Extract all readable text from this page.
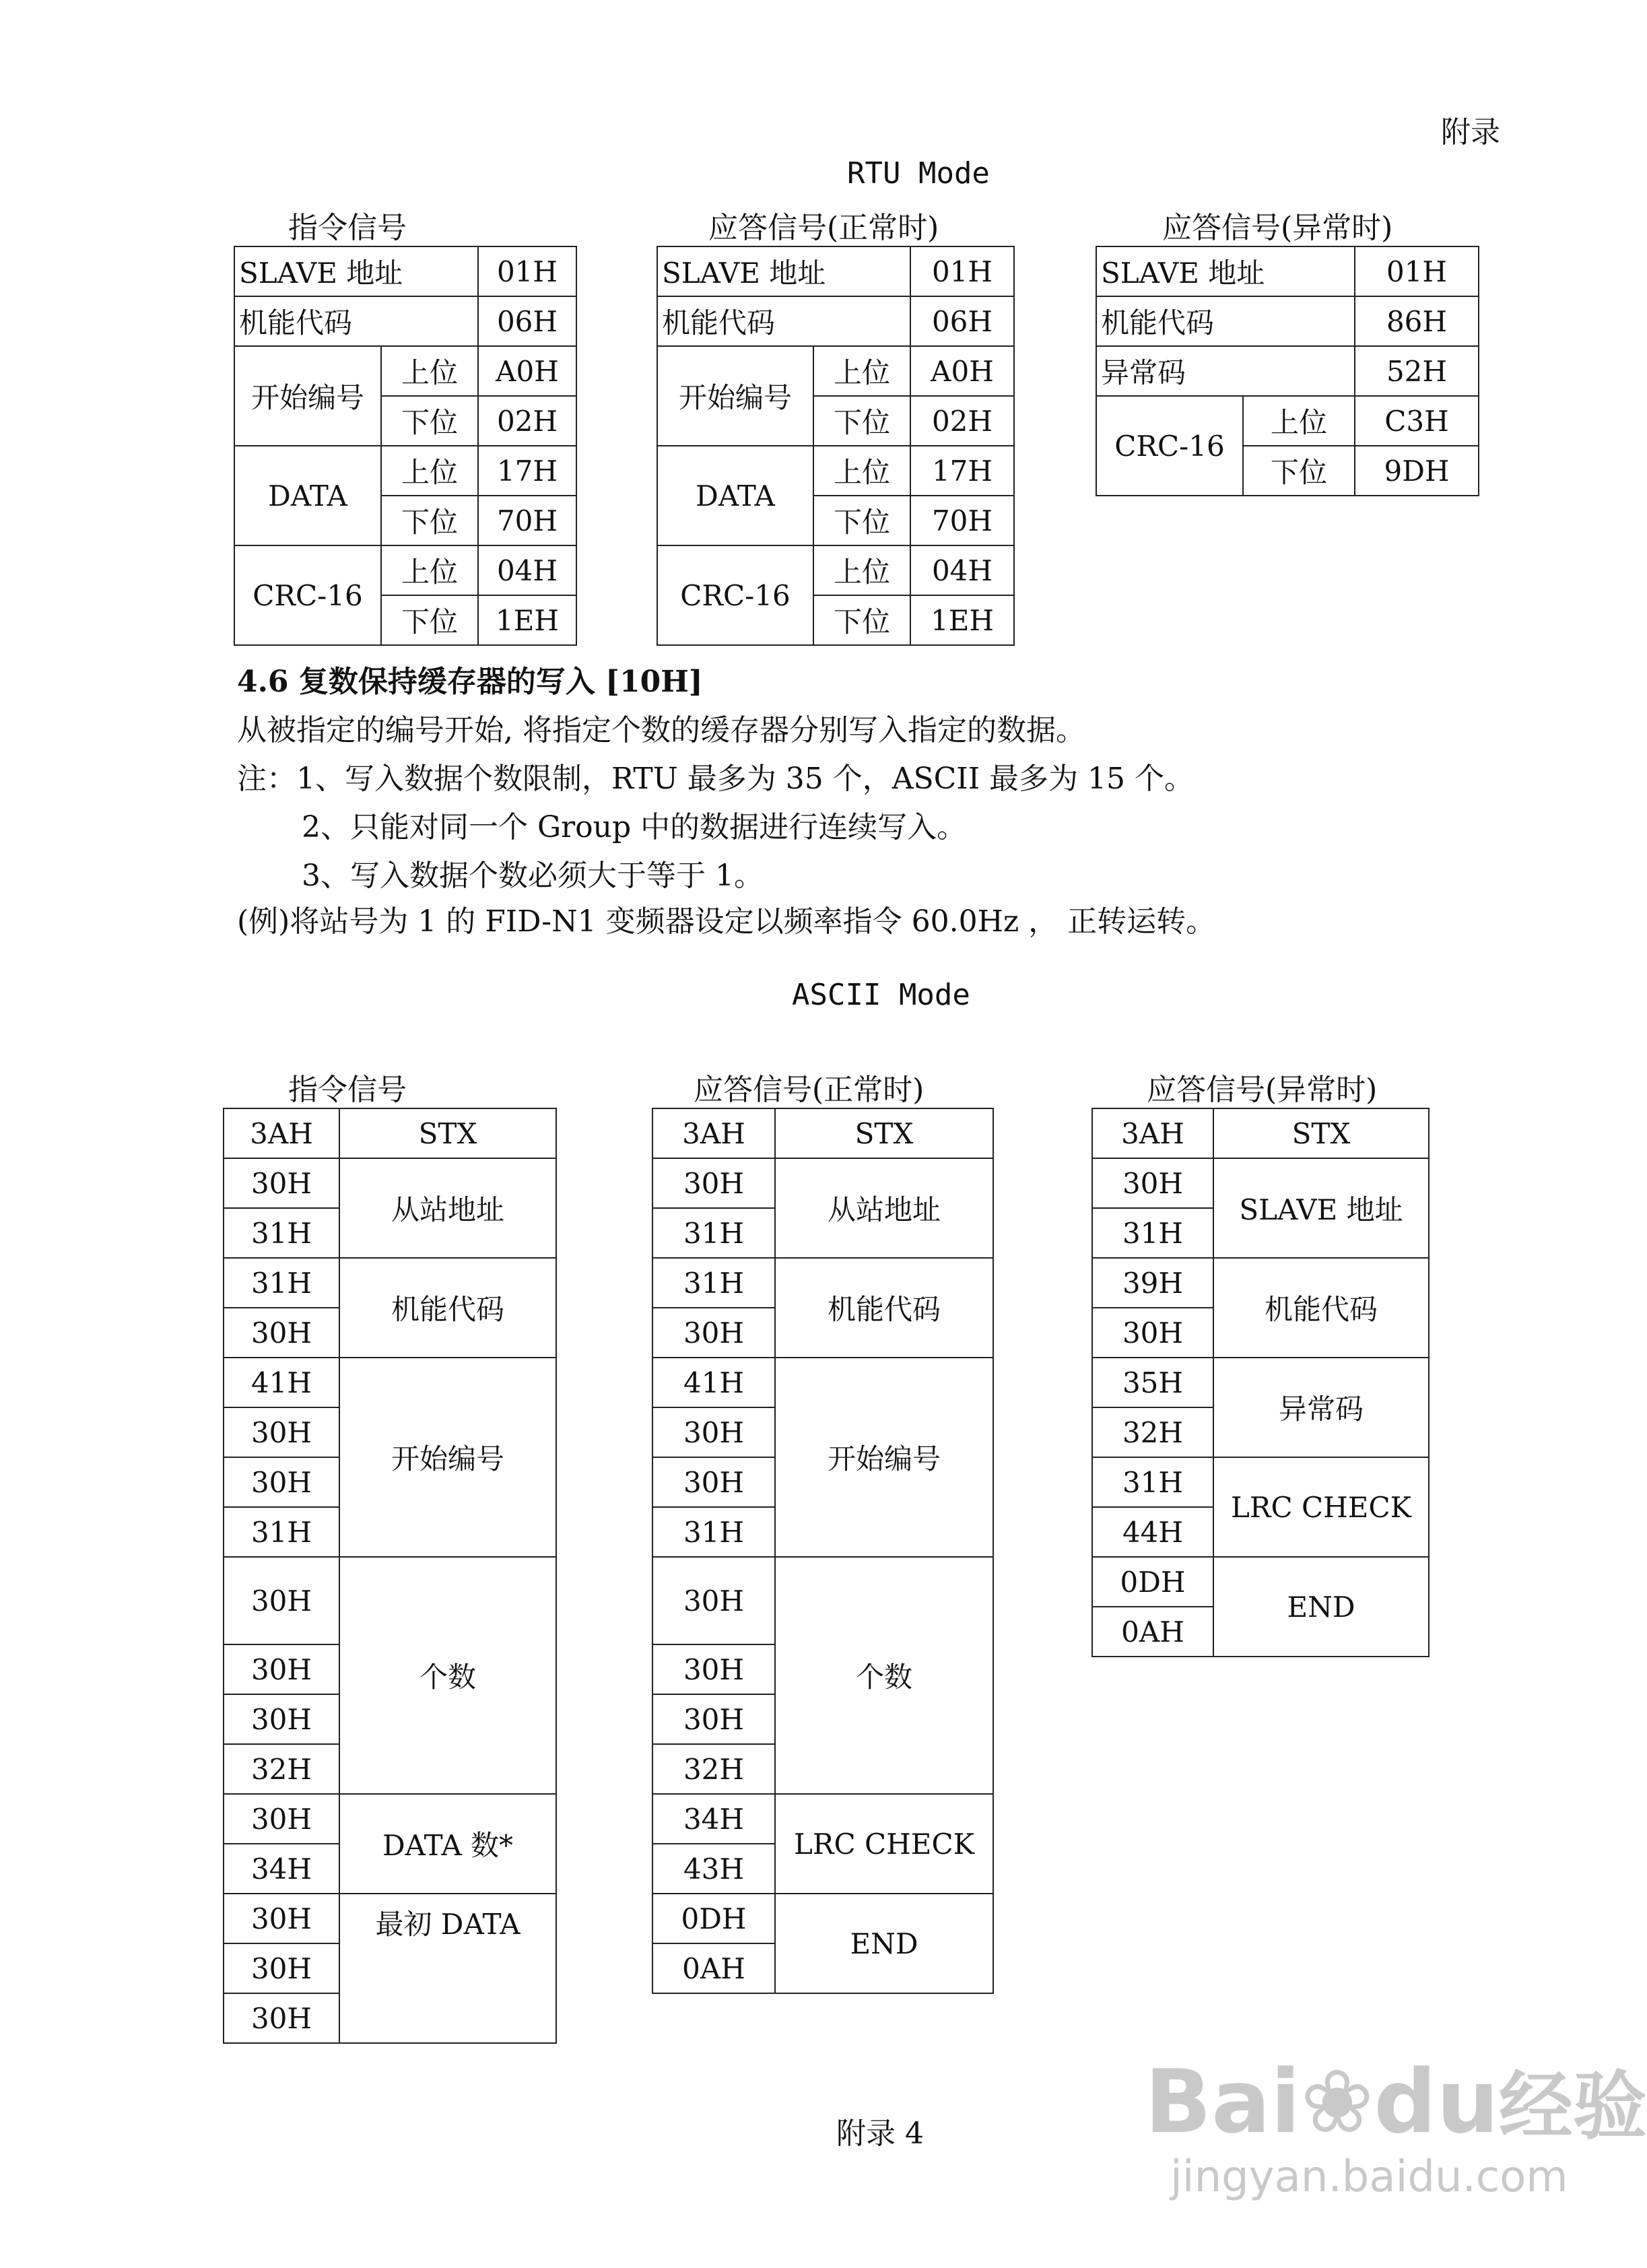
附录
RTU Mode
指令信号	应答信号(正常时)	应答信号(异常时)
SLAVE 地址		01H
机能代码		06H
开始编号	上位	A0H
	下位	02H
DATA	上位	17H
	下位	70H
CRC-16	上位	04H
	下位	1EH
SLAVE 地址		01H
机能代码		06H
开始编号	上位	A0H
	下位	02H
DATA	上位	17H
	下位	70H
CRC-16	上位	04H
	下位	1EH
SLAVE 地址		01H
机能代码		86H
异常码		52H
CRC-16	上位	C3H
	下位	9DH
4.6 复数保持缓存器的写入 [10H]
从被指定的编号开始, 将指定个数的缓存器分别写入指定的数据。
注：1、写入数据个数限制，RTU 最多为 35 个，ASCII 最多为 15 个。
2、只能对同一个 Group 中的数据进行连续写入。
3、写入数据个数必须大于等于 1。
(例)将站号为 1 的 FID-N1 变频器设定以频率指令 60.0Hz ， 正转运转。
ASCII Mode
指令信号	应答信号(正常时)	应答信号(异常时)
3AH	STX
30H	从站地址
31H	
31H	机能代码
30H	
41H	开始编号
30H	
30H	
31H	
30H	个数
30H	
30H	
32H	
30H	DATA 数*
34H	
30H	最初 DATA
30H	
30H	
3AH	STX
30H	从站地址
31H	
31H	机能代码
30H	
41H	开始编号
30H	
30H	
31H	
30H	个数
30H	
30H	
32H	
34H	LRC CHECK
43H	
0DH	END
0AH	
3AH	STX
30H	SLAVE 地址
31H	
39H	机能代码
30H	
35H	异常码
32H	
31H	LRC CHECK
44H	
0DH	END
0AH	
附录 4	Bai❀du经验
jingyan.baidu.com
